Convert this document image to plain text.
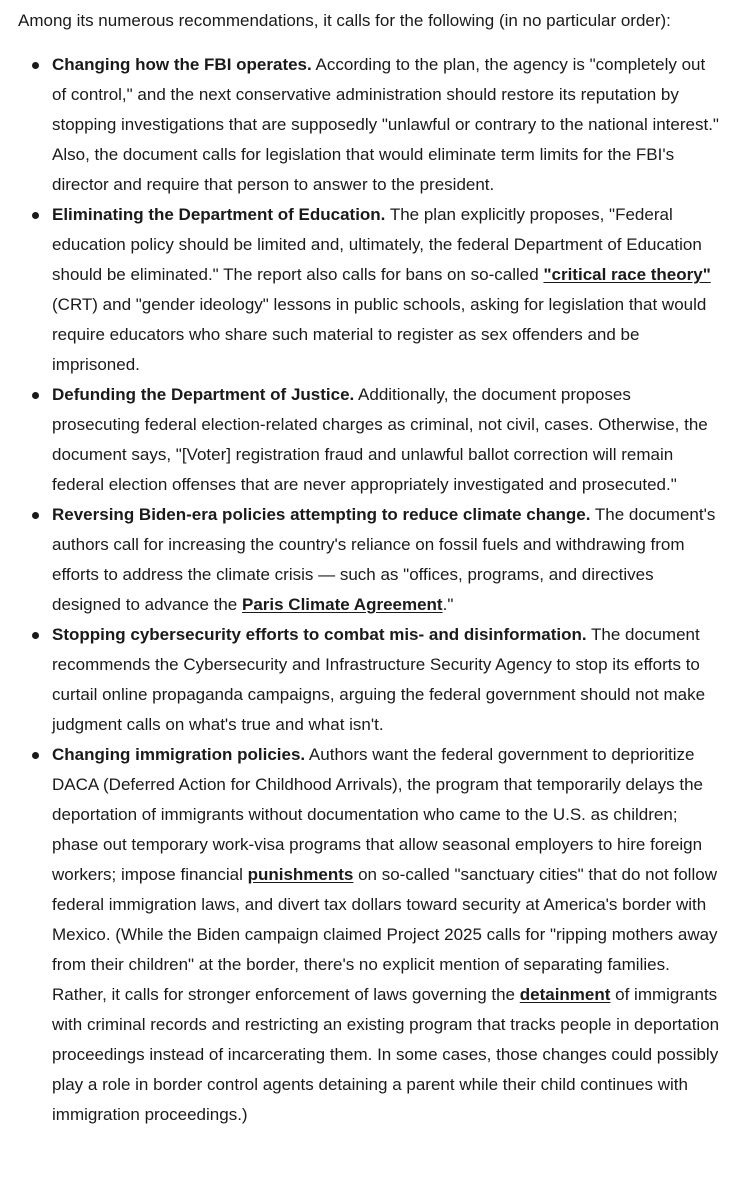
Among its numerous recommendations, it calls for the following (in no particular order):

Changing how the FBI operates. According to the plan, the agency is "completely out of control," and the next conservative administration should restore its reputation by stopping investigations that are supposedly "unlawful or contrary to the national interest." Also, the document calls for legislation that would eliminate term limits for the FBI's director and require that person to answer to the president.
Eliminating the Department of Education. The plan explicitly proposes, "Federal education policy should be limited and, ultimately, the federal Department of Education should be eliminated." The report also calls for bans on so-called "critical race theory" (CRT) and "gender ideology" lessons in public schools, asking for legislation that would require educators who share such material to register as sex offenders and be imprisoned.
Defunding the Department of Justice. Additionally, the document proposes prosecuting federal election-related charges as criminal, not civil, cases. Otherwise, the document says, "[Voter] registration fraud and unlawful ballot correction will remain federal election offenses that are never appropriately investigated and prosecuted."
Reversing Biden-era policies attempting to reduce climate change. The document's authors call for increasing the country's reliance on fossil fuels and withdrawing from efforts to address the climate crisis — such as "offices, programs, and directives designed to advance the Paris Climate Agreement."
Stopping cybersecurity efforts to combat mis- and disinformation. The document recommends the Cybersecurity and Infrastructure Security Agency to stop its efforts to curtail online propaganda campaigns, arguing the federal government should not make judgment calls on what's true and what isn't.
Changing immigration policies. Authors want the federal government to deprioritize DACA (Deferred Action for Childhood Arrivals), the program that temporarily delays the deportation of immigrants without documentation who came to the U.S. as children; phase out temporary work-visa programs that allow seasonal employers to hire foreign workers; impose financial punishments on so-called "sanctuary cities" that do not follow federal immigration laws, and divert tax dollars toward security at America's border with Mexico. (While the Biden campaign claimed Project 2025 calls for "ripping mothers away from their children" at the border, there's no explicit mention of separating families. Rather, it calls for stronger enforcement of laws governing the detainment of immigrants with criminal records and restricting an existing program that tracks people in deportation proceedings instead of incarcerating them. In some cases, those changes could possibly play a role in border control agents detaining a parent while their child continues with immigration proceedings.)
